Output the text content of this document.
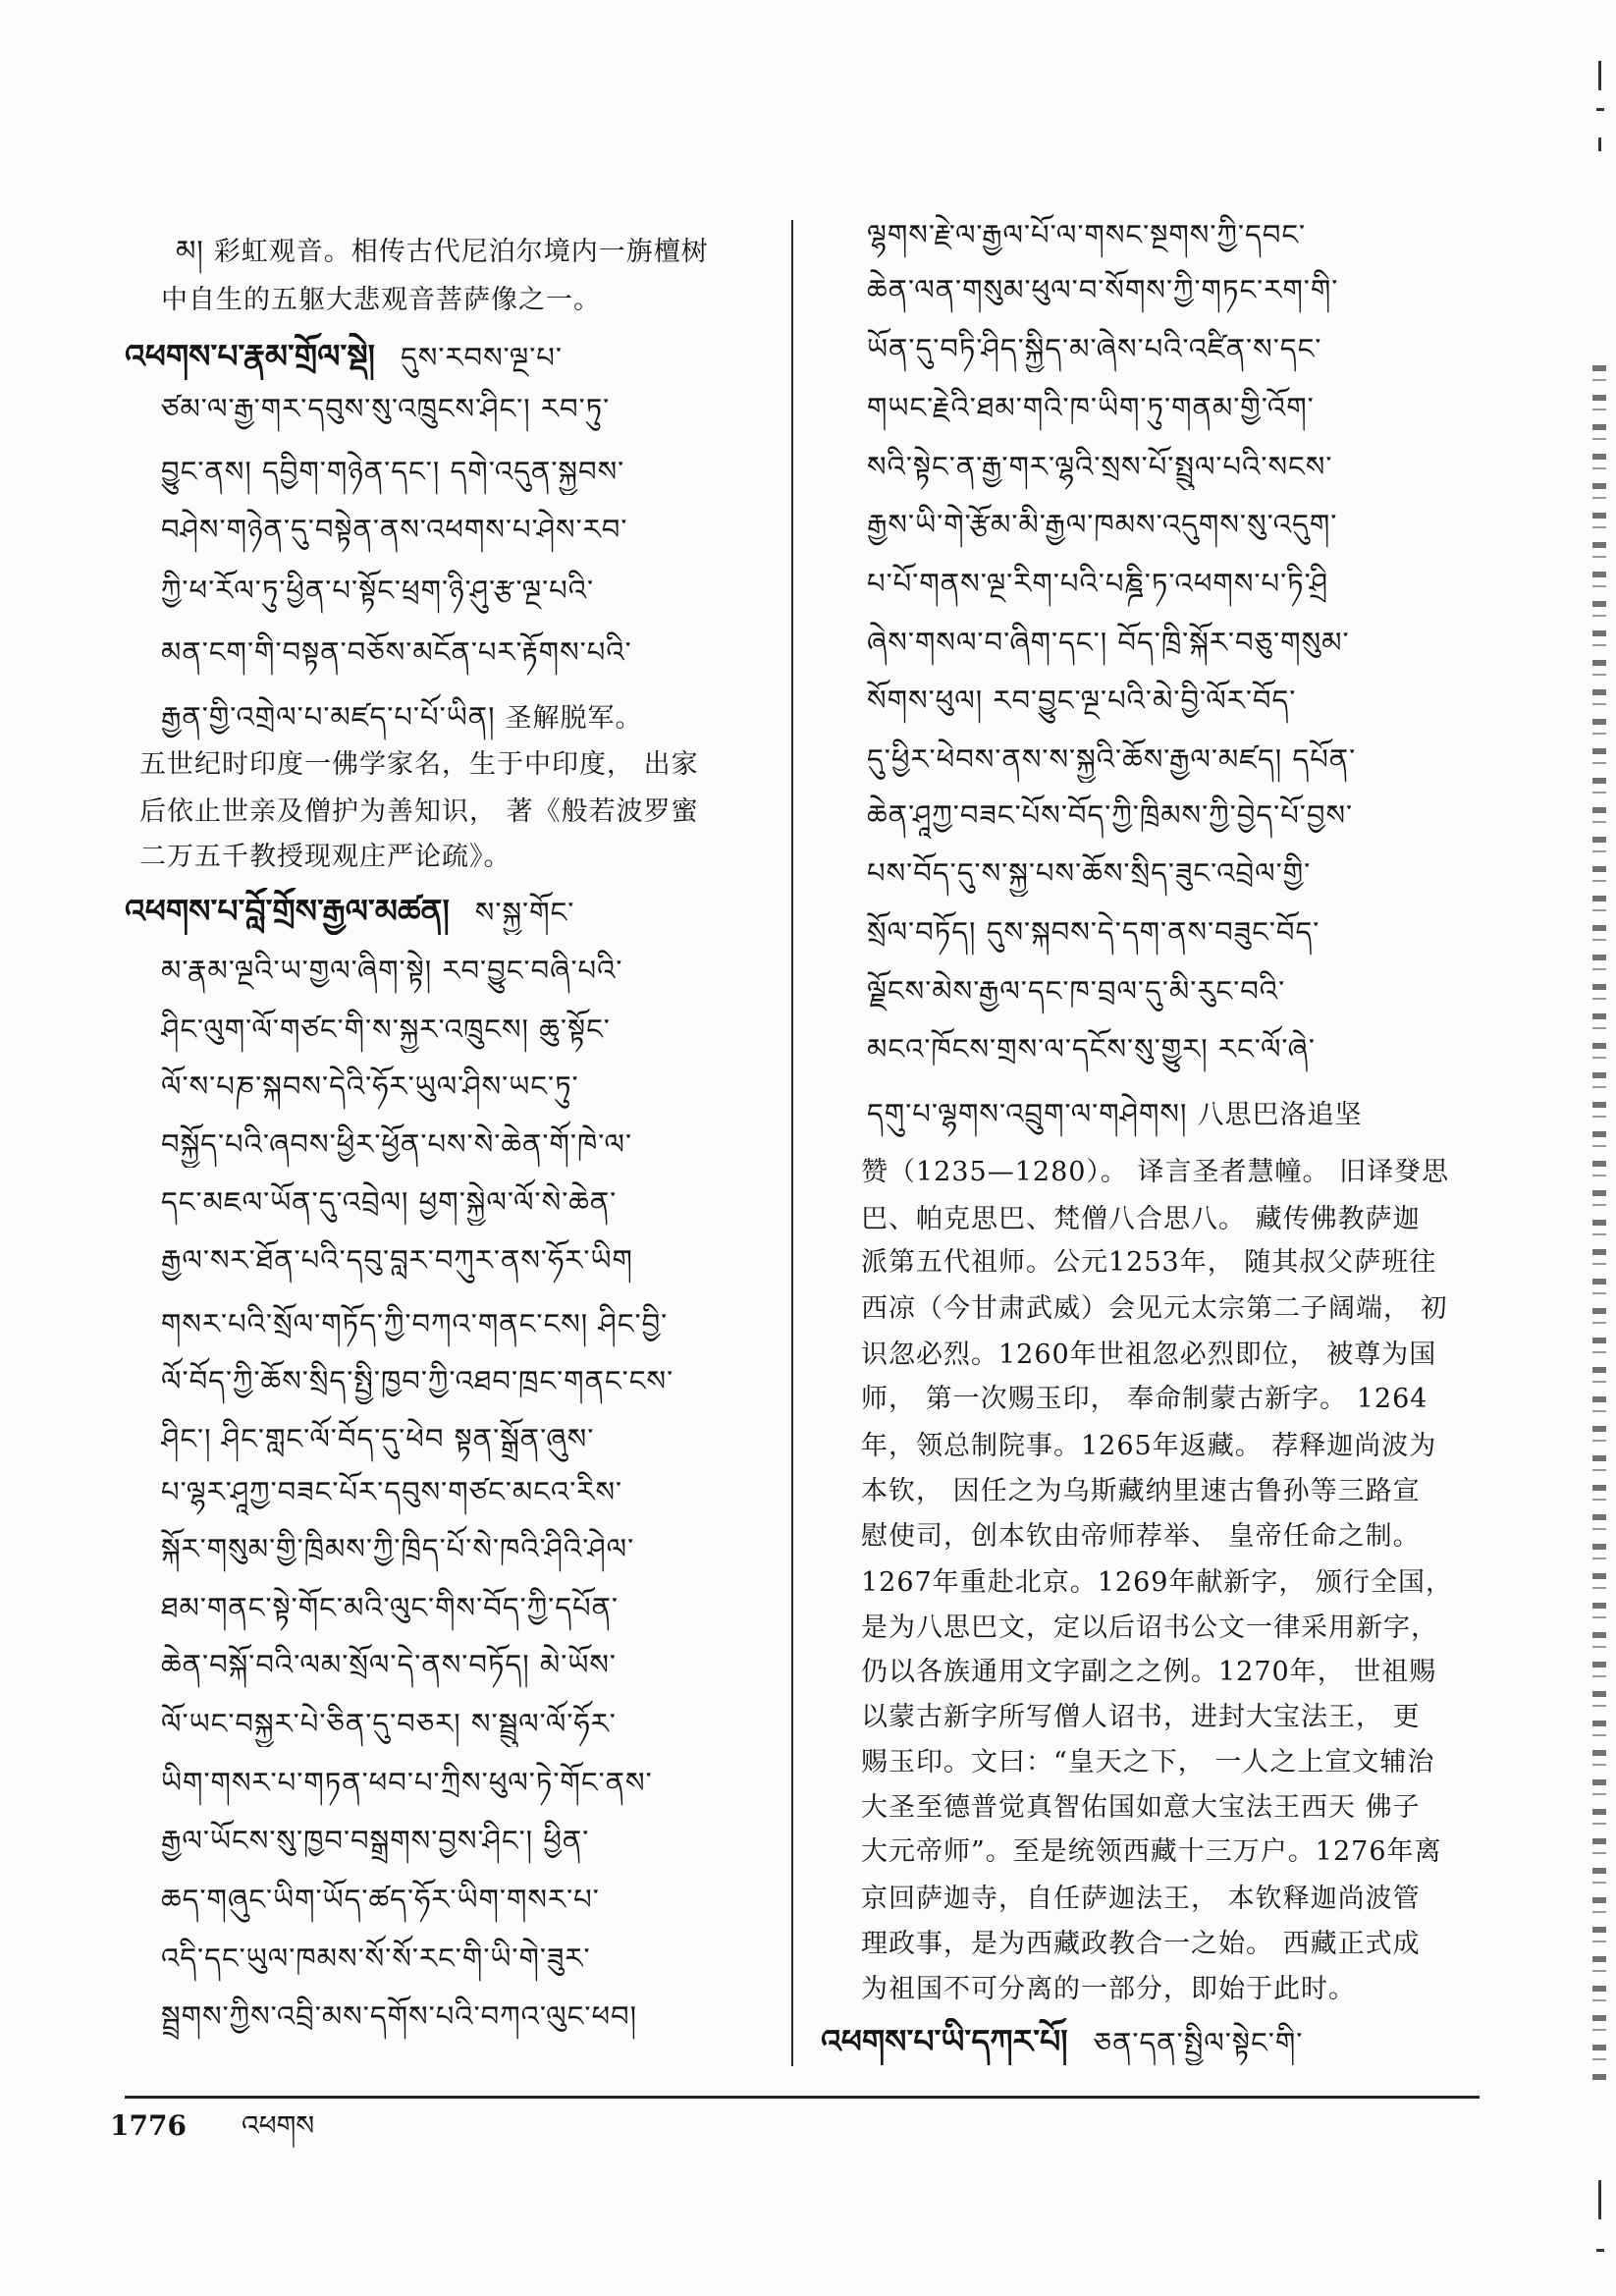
མ། 彩虹观音。相传古代尼泊尔境内一旃檀树
中自生的五躯大悲观音菩萨像之一。
འཕགས་པ་རྣམ་གྲོལ་སྡེ། དུས་རབས་ལྔ་པ་
ཙམ་ལ་རྒྱ་གར་དབུས་སུ་འཁྲུངས་ཤིང་། རབ་ཏུ་
བྱུང་ནས། དབྱིག་གཉེན་དང་། དགེ་འདུན་སྐྱབས་
བཤེས་གཉེན་དུ་བསྟེན་ནས་འཕགས་པ་ཤེས་རབ་
ཀྱི་ཕ་རོལ་ཏུ་ཕྱིན་པ་སྟོང་ཕྲག་ཉི་ཤུ་རྩ་ལྔ་པའི་
མན་ངག་གི་བསྟན་བཅོས་མངོན་པར་རྟོགས་པའི་
རྒྱན་གྱི་འགྲེལ་པ་མཛད་པ་པོ་ཡིན། 圣解脱军。
五世纪时印度一佛学家名，生于中印度， 出家
后依止世亲及僧护为善知识， 著《般若波罗蜜
二万五千教授现观庄严论疏》。
འཕགས་པ་བློ་གྲོས་རྒྱལ་མཚན། ས་སྐྱ་གོང་
མ་རྣམ་ལྔའི་ཡ་གྱལ་ཞིག་སྟེ། རབ་བྱུང་བཞི་པའི་
ཤིང་ལུག་ལོ་གཙང་གི་ས་སྐྱར་འཁྲུངས། ཆུ་སྟོང་
ལོ་ས་པཎ་སྐབས་དེའི་ཧོར་ཡུལ་ཤིས་ཡང་ཏུ་
བསྐྱོད་པའི་ཞབས་ཕྱིར་ཕྱོན་པས་སེ་ཆེན་གོ་ཁེ་ལ་
དང་མཇལ་ཡོན་དུ་འབྲེལ། ཕྱག་སྐྱེལ་ལོ་སེ་ཆེན་
རྒྱལ་སར་ཐོན་པའི་དབུ་བླར་བཀུར་ནས་ཧོར་ཡིག
གསར་པའི་སྲོལ་གཏོད་ཀྱི་བཀའ་གནང་ངས། ཤིང་བྱི་
ལོ་བོད་ཀྱི་ཆོས་སྲིད་སྤྱི་ཁྱབ་ཀྱི་འཐབ་ཁྲང་གནང་ངས་
ཤིང་། ཤིང་གླང་ལོ་བོད་དུ་ཕེབ སྟན་སྒྲོན་ཞུས་
པ་ལྷར་ཤཱཀྱ་བཟང་པོར་དབུས་གཙང་མངའ་རིས་
སྐོར་གསུམ་གྱི་ཁྲིམས་ཀྱི་ཁྲིད་པོ་སེ་ཁའི་ཤིའི་ཤེལ་
ཐམ་གནང་སྟེ་གོང་མའི་ལུང་གིས་བོད་ཀྱི་དཔོན་
ཆེན་བསྐོ་བའི་ལམ་སྲོལ་དེ་ནས་བཏོད། མེ་ཡོས་
ལོ་ཡང་བསྐྱར་པེ་ཅིན་དུ་བཅར། ས་སྦྲུལ་ལོ་ཧོར་
ཡིག་གསར་པ་གཏན་ཕབ་པ་ཀྲིས་ཕུལ་ཏེ་གོང་ནས་
རྒྱལ་ཡོངས་སུ་ཁྱབ་བསྒྲགས་བྱས་ཤིང་། ཕྱིན་
ཆད་གཞུང་ཡིག་ཡོད་ཚད་ཧོར་ཡིག་གསར་པ་
འདི་དང་ཡུལ་ཁམས་སོ་སོ་རང་གི་ཡི་གེ་ཟུར་
སྦྲགས་ཀྱིས་འབྲི་མས་དགོས་པའི་བཀའ་ལུང་ཕབ།
ལྷགས་རྗེ་ལ་རྒྱལ་པོ་ལ་གསང་སྔགས་ཀྱི་དབང་
ཆེན་ལན་གསུམ་ཕུལ་བ་སོགས་ཀྱི་གཏང་རག་གི་
ཡོན་དུ་བཏི་ཤིད་སྐྱིད་མ་ཞེས་པའི་འཛིན་ས་དང་
གཡང་རྗེའི་ཐམ་གའི་ཁ་ཡིག་ཏུ་གནམ་གྱི་འོག་
སའི་སྟེང་ན་རྒྱ་གར་ལྷའི་སྲས་པོ་སྤྲུལ་པའི་སངས་
རྒྱས་ཡི་གེ་རྩོམ་མི་རྒྱལ་ཁམས་འདུགས་སུ་འདུག་
པ་པོ་གནས་ལྔ་རིག་པའི་པཎྜི་ཏ་འཕགས་པ་ཏི་ཤྲི
ཞེས་གསལ་བ་ཞིག་དང་། བོད་ཁྲི་སྐོར་བཅུ་གསུམ་
སོགས་ཕུལ། རབ་བྱུང་ལྔ་པའི་མེ་བྱི་ལོར་བོད་
དུ་ཕྱིར་ཕེབས་ནས་ས་སྐྱའི་ཆོས་རྒྱལ་མཛད། དཔོན་
ཆེན་ཤཱཀྱ་བཟང་པོས་བོད་ཀྱི་ཁྲིམས་ཀྱི་བྱེད་པོ་བྱས་
པས་བོད་དུ་ས་སྐྱ་པས་ཆོས་སྲིད་ཟུང་འབྲེལ་གྱི་
སྲོལ་བཏོད། དུས་སྐབས་དེ་དག་ནས་བཟུང་བོད་
ལྗོངས་མེས་རྒྱལ་དང་ཁ་བྲལ་དུ་མི་རུང་བའི་
མངའ་ཁོངས་གྲས་ལ་དངོས་སུ་གྱུར། རང་ལོ་ཞེ་
དགུ་པ་ལྷགས་འབྲུག་ལ་གཤེགས། 八思巴洛追坚
赞（1235—1280）。 译言圣者慧幢。 旧译癹思
巴、帕克思巴、梵僧八合思八。 藏传佛教萨迦
派第五代祖师。公元1253年， 随其叔父萨班往
西凉（今甘肃武威）会见元太宗第二子阔端， 初
识忽必烈。1260年世祖忽必烈即位， 被尊为国
师， 第一次赐玉印， 奉命制蒙古新字。 1264
年，领总制院事。1265年返藏。 荐释迦尚波为
本钦， 因任之为乌斯藏纳里速古鲁孙等三路宣
慰使司，创本钦由帝师荐举、 皇帝任命之制。
1267年重赴北京。1269年献新字， 颁行全国，
是为八思巴文，定以后诏书公文一律采用新字，
仍以各族通用文字副之之例。1270年， 世祖赐
以蒙古新字所写僧人诏书，进封大宝法王， 更
赐玉印。文曰：“皇天之下， 一人之上宣文辅治
大圣至德普觉真智佑国如意大宝法王西天 佛子
大元帝师”。至是统领西藏十三万户。1276年离
京回萨迦寺，自任萨迦法王， 本钦释迦尚波管
理政事，是为西藏政教合一之始。 西藏正式成
为祖国不可分离的一部分，即始于此时。
འཕགས་པ་ཡི་དཀར་པོ། ཅན་དན་སྤྱིལ་སྟེང་གི་
1776 འཕགས
